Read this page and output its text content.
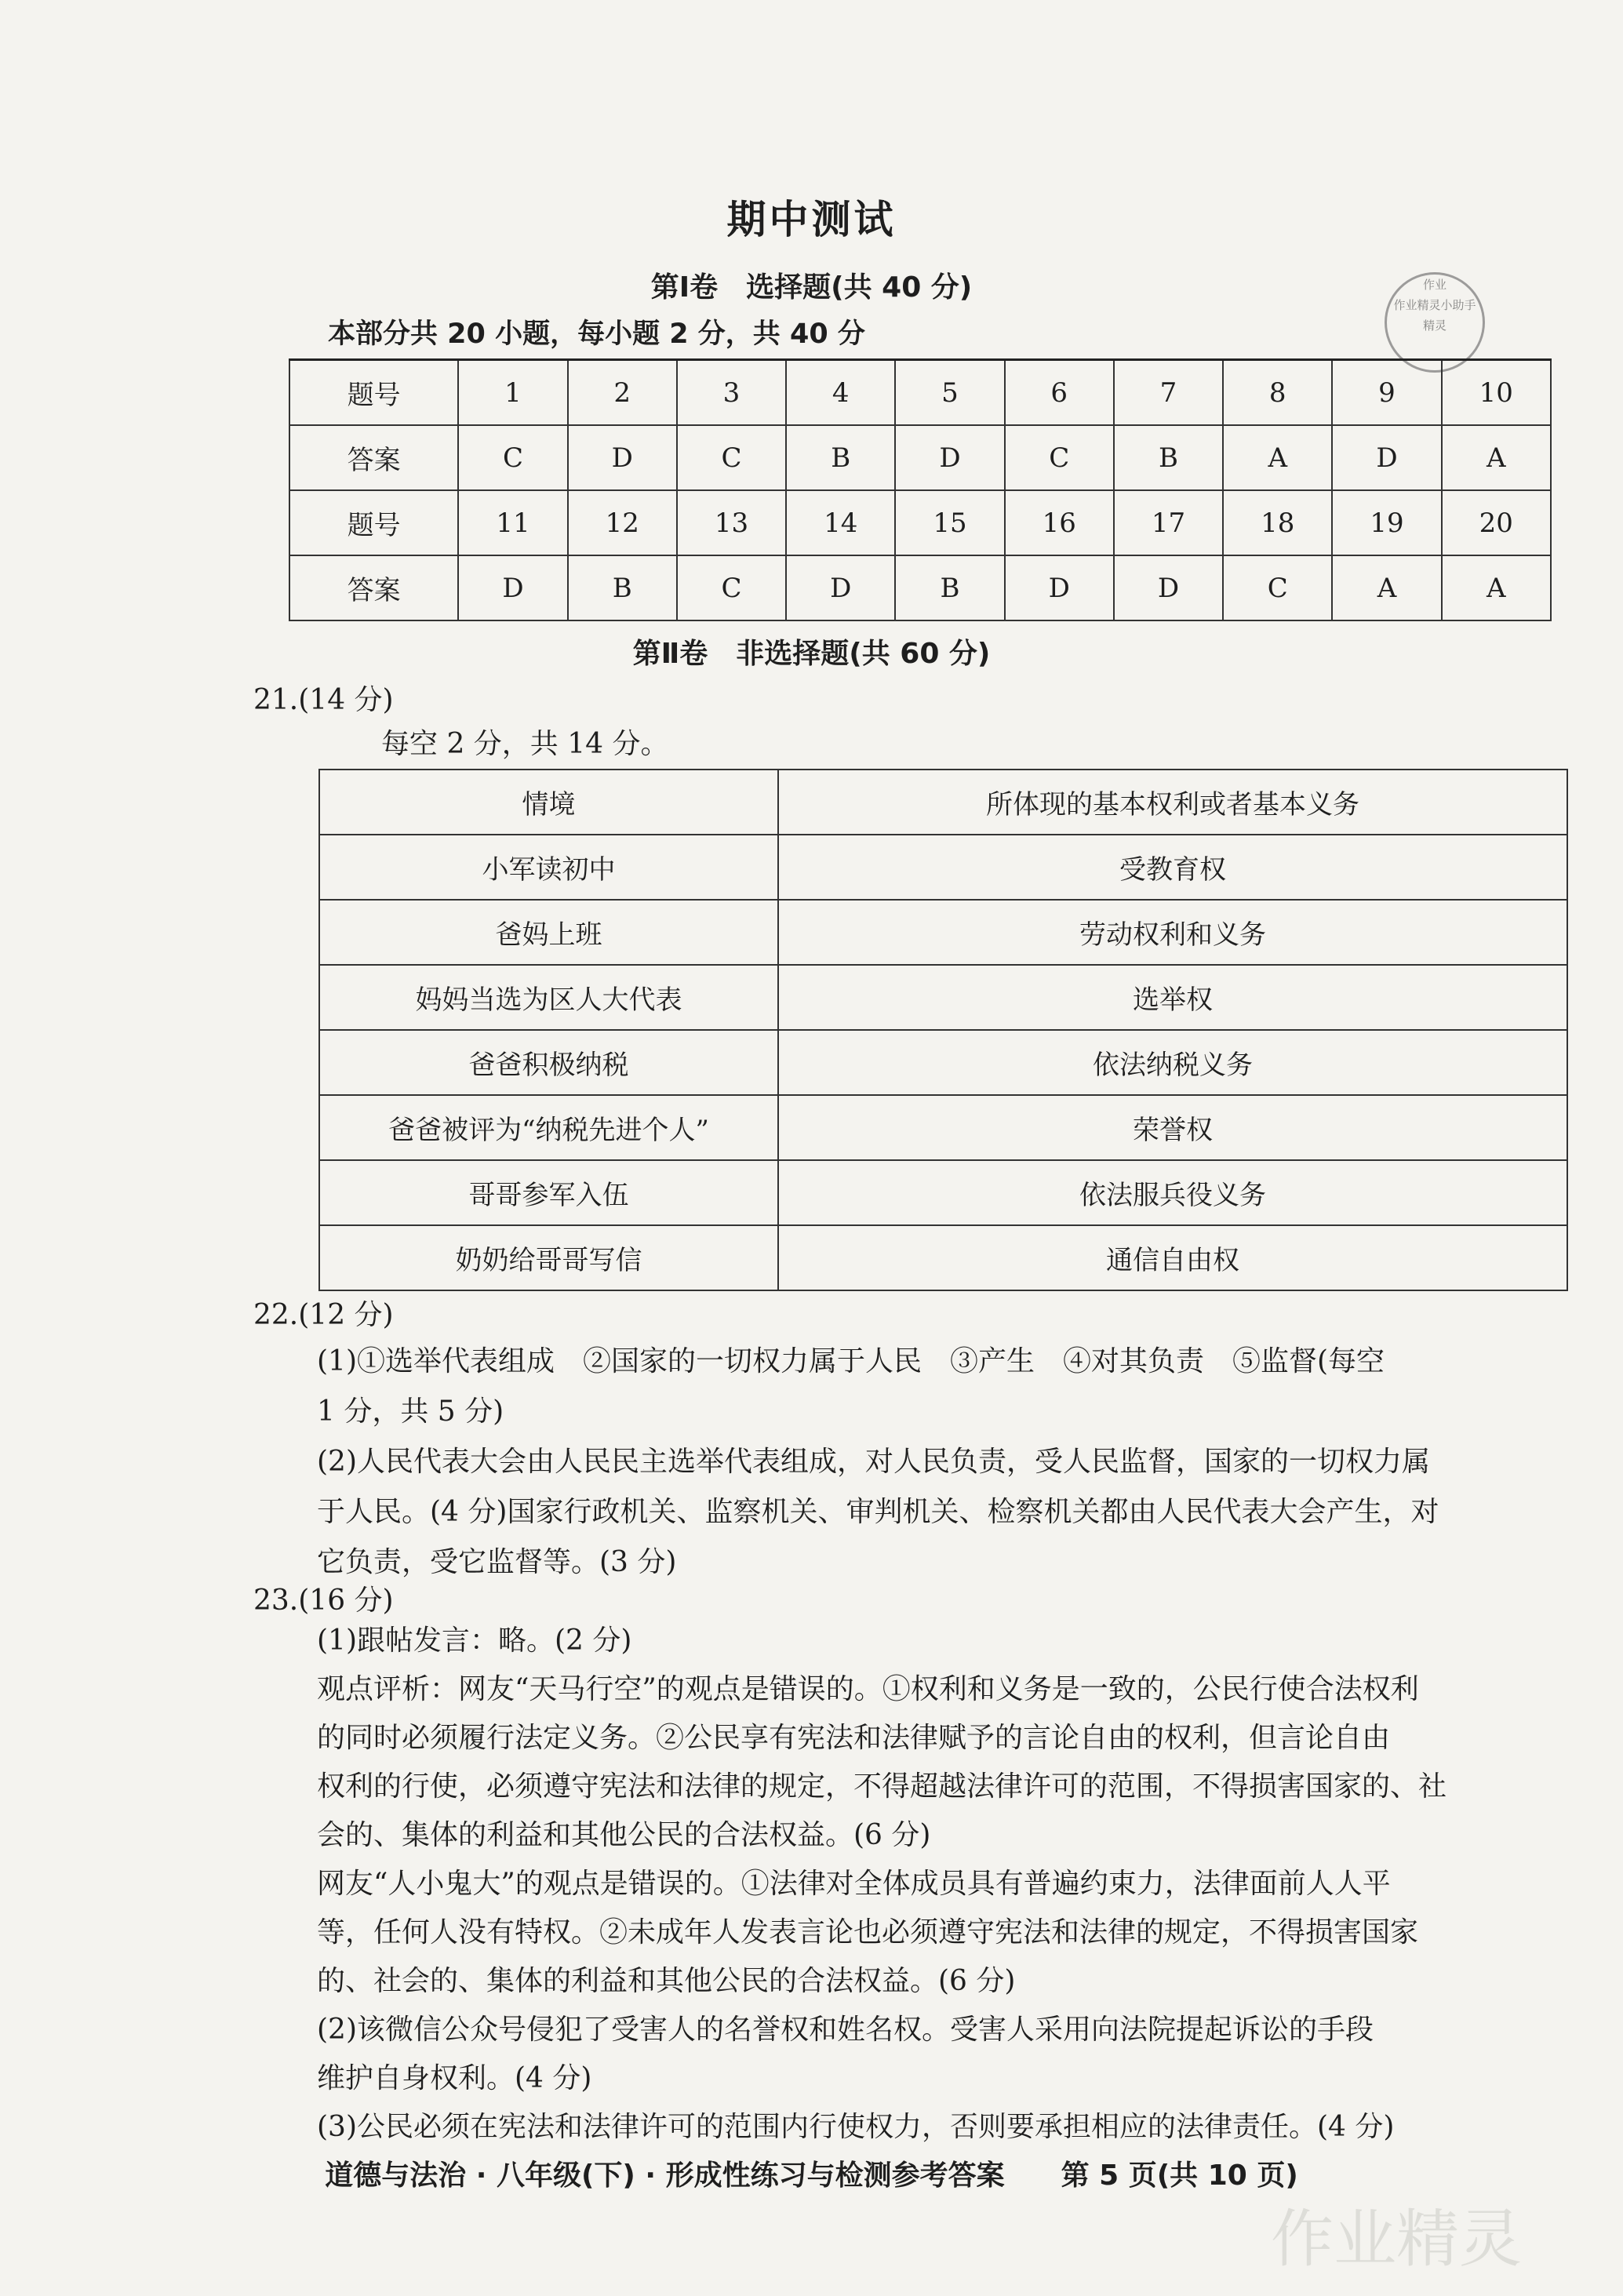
作业
作业精灵小助手
精灵
期中测试
第Ⅰ卷　选择题(共 40 分)
本部分共 20 小题，每小题 2 分，共 40 分
题号	1	2	3	4	5	6	7	8	9	10
答案	C	D	C	B	D	C	B	A	D	A
题号	11	12	13	14	15	16	17	18	19	20
答案	D	B	C	D	B	D	D	C	A	A
第Ⅱ卷　非选择题(共 60 分)
21.(14 分)
每空 2 分，共 14 分。
情境	所体现的基本权利或者基本义务
小军读初中	受教育权
爸妈上班	劳动权利和义务
妈妈当选为区人大代表	选举权
爸爸积极纳税	依法纳税义务
爸爸被评为“纳税先进个人”	荣誉权
哥哥参军入伍	依法服兵役义务
奶奶给哥哥写信	通信自由权
22.(12 分)
(1)①选举代表组成　②国家的一切权力属于人民　③产生　④对其负责　⑤监督(每空
1 分，共 5 分)
(2)人民代表大会由人民民主选举代表组成，对人民负责，受人民监督，国家的一切权力属
于人民。(4 分)国家行政机关、监察机关、审判机关、检察机关都由人民代表大会产生，对
它负责，受它监督等。(3 分)
23.(16 分)
(1)跟帖发言：略。(2 分)
观点评析：网友“天马行空”的观点是错误的。①权利和义务是一致的，公民行使合法权利
的同时必须履行法定义务。②公民享有宪法和法律赋予的言论自由的权利，但言论自由
权利的行使，必须遵守宪法和法律的规定，不得超越法律许可的范围，不得损害国家的、社
会的、集体的利益和其他公民的合法权益。(6 分)
网友“人小鬼大”的观点是错误的。①法律对全体成员具有普遍约束力，法律面前人人平
等，任何人没有特权。②未成年人发表言论也必须遵守宪法和法律的规定，不得损害国家
的、社会的、集体的利益和其他公民的合法权益。(6 分)
(2)该微信公众号侵犯了受害人的名誉权和姓名权。受害人采用向法院提起诉讼的手段
维护自身权利。(4 分)
(3)公民必须在宪法和法律许可的范围内行使权力，否则要承担相应的法律责任。(4 分)
道德与法治 · 八年级(下) · 形成性练习与检测参考答案　　第 5 页(共 10 页)
作业精灵
